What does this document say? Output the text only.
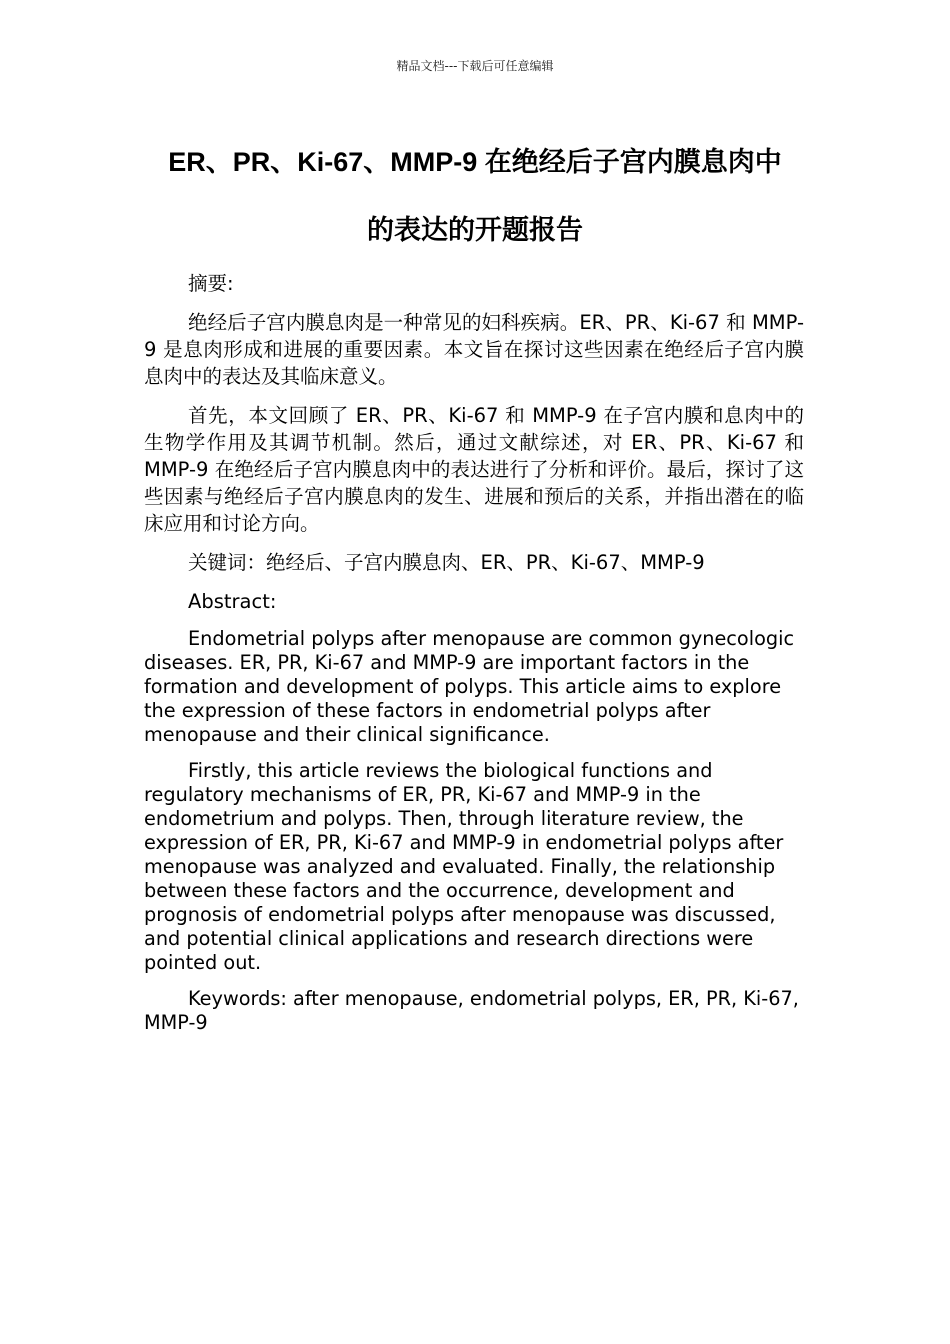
精品文档---下载后可任意编辑
ER、PR、Ki-67、MMP-9 在绝经后子宫内膜息肉中
的表达的开题报告

摘要:

绝经后子宫内膜息肉是一种常见的妇科疾病。ER、PR、Ki-67 和 MMP-9 是息肉形成和进展的重要因素。本文旨在探讨这些因素在绝经后子宫内膜息肉中的表达及其临床意义。

首先，本文回顾了 ER、PR、Ki-67 和 MMP-9 在子宫内膜和息肉中的生物学作用及其调节机制。然后，通过文献综述，对 ER、PR、Ki-67 和 MMP-9 在绝经后子宫内膜息肉中的表达进行了分析和评价。最后，探讨了这些因素与绝经后子宫内膜息肉的发生、进展和预后的关系，并指出潜在的临床应用和讨论方向。

关键词：绝经后、子宫内膜息肉、ER、PR、Ki-67、MMP-9

Abstract:

Endometrial polyps after menopause are common gynecologic diseases. ER, PR, Ki-67 and MMP-9 are important factors in the formation and development of polyps. This article aims to explore the expression of these factors in endometrial polyps after menopause and their clinical significance.

Firstly, this article reviews the biological functions and regulatory mechanisms of ER, PR, Ki-67 and MMP-9 in the endometrium and polyps. Then, through literature review, the expression of ER, PR, Ki-67 and MMP-9 in endometrial polyps after menopause was analyzed and evaluated. Finally, the relationship between these factors and the occurrence, development and prognosis of endometrial polyps after menopause was discussed, and potential clinical applications and research directions were pointed out.

Keywords: after menopause, endometrial polyps, ER, PR, Ki-67, MMP-9
